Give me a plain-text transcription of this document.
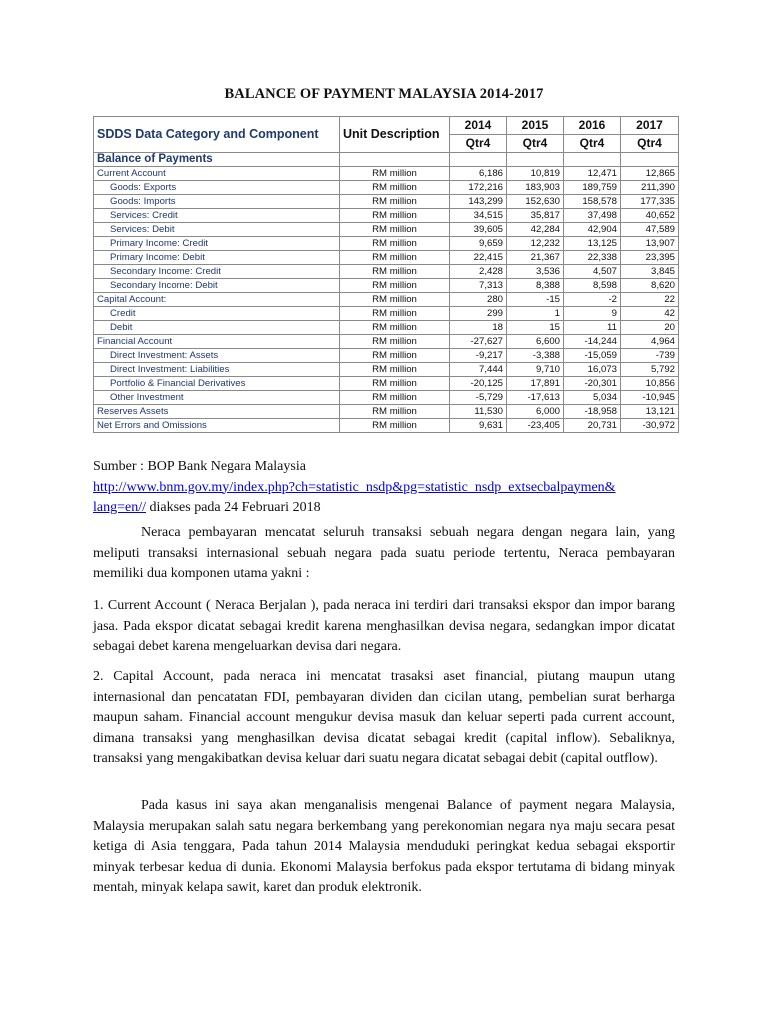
BALANCE OF PAYMENT MALAYSIA 2014-2017
SDDS Data Category and Component	Unit Description	2014	2015	2016	2017
		Qtr4	Qtr4	Qtr4	Qtr4
Balance of Payments					
Current Account	RM million	6,186	10,819	12,471	12,865
Goods: Exports	RM million	172,216	183,903	189,759	211,390
Goods: Imports	RM million	143,299	152,630	158,578	177,335
Services: Credit	RM million	34,515	35,817	37,498	40,652
Services: Debit	RM million	39,605	42,284	42,904	47,589
Primary Income: Credit	RM million	9,659	12,232	13,125	13,907
Primary Income: Debit	RM million	22,415	21,367	22,338	23,395
Secondary Income: Credit	RM million	2,428	3,536	4,507	3,845
Secondary Income: Debit	RM million	7,313	8,388	8,598	8,620
Capital Account:	RM million	280	-15	-2	22
Credit	RM million	299	1	9	42
Debit	RM million	18	15	11	20
Financial Account	RM million	-27,627	6,600	-14,244	4,964
Direct Investment: Assets	RM million	-9,217	-3,388	-15,059	-739
Direct Investment: Liabilities	RM million	7,444	9,710	16,073	5,792
Portfolio & Financial Derivatives	RM million	-20,125	17,891	-20,301	10,856
Other Investment	RM million	-5,729	-17,613	5,034	-10,945
Reserves Assets	RM million	11,530	6,000	-18,958	13,121
Net Errors and Omissions	RM million	9,631	-23,405	20,731	-30,972

Sumber : BOP Bank Negara Malaysia

http://www.bnm.gov.my/index.php?ch=statistic_nsdp&pg=statistic_nsdp_extsecbalpaymen&

lang=en// diakses pada 24 Februari 2018

Neraca pembayaran mencatat seluruh transaksi sebuah negara dengan negara lain, yang meliputi transaksi internasional sebuah negara pada suatu periode tertentu, Neraca pembayaran memiliki dua komponen utama yakni :
1. Current Account ( Neraca Berjalan ), pada neraca ini terdiri dari transaksi ekspor dan impor barang jasa. Pada ekspor dicatat sebagai kredit karena menghasilkan devisa negara, sedangkan impor dicatat sebagai debet karena mengeluarkan devisa dari negara.
2. Capital Account, pada neraca ini mencatat trasaksi aset financial, piutang maupun utang internasional dan pencatatan FDI, pembayaran dividen dan cicilan utang, pembelian surat berharga maupun saham. Financial account mengukur devisa masuk dan keluar seperti pada current account, dimana transaksi yang menghasilkan devisa dicatat sebagai kredit (capital inflow). Sebaliknya, transaksi yang mengakibatkan devisa keluar dari suatu negara dicatat sebagai debit (capital outflow).
Pada kasus ini saya akan menganalisis mengenai Balance of payment negara Malaysia, Malaysia merupakan salah satu negara berkembang yang perekonomian negara nya maju secara pesat ketiga di Asia tenggara, Pada tahun 2014 Malaysia menduduki peringkat kedua sebagai eksportir minyak terbesar kedua di dunia. Ekonomi Malaysia berfokus pada ekspor tertutama di bidang minyak mentah, minyak kelapa sawit, karet dan produk elektronik.
